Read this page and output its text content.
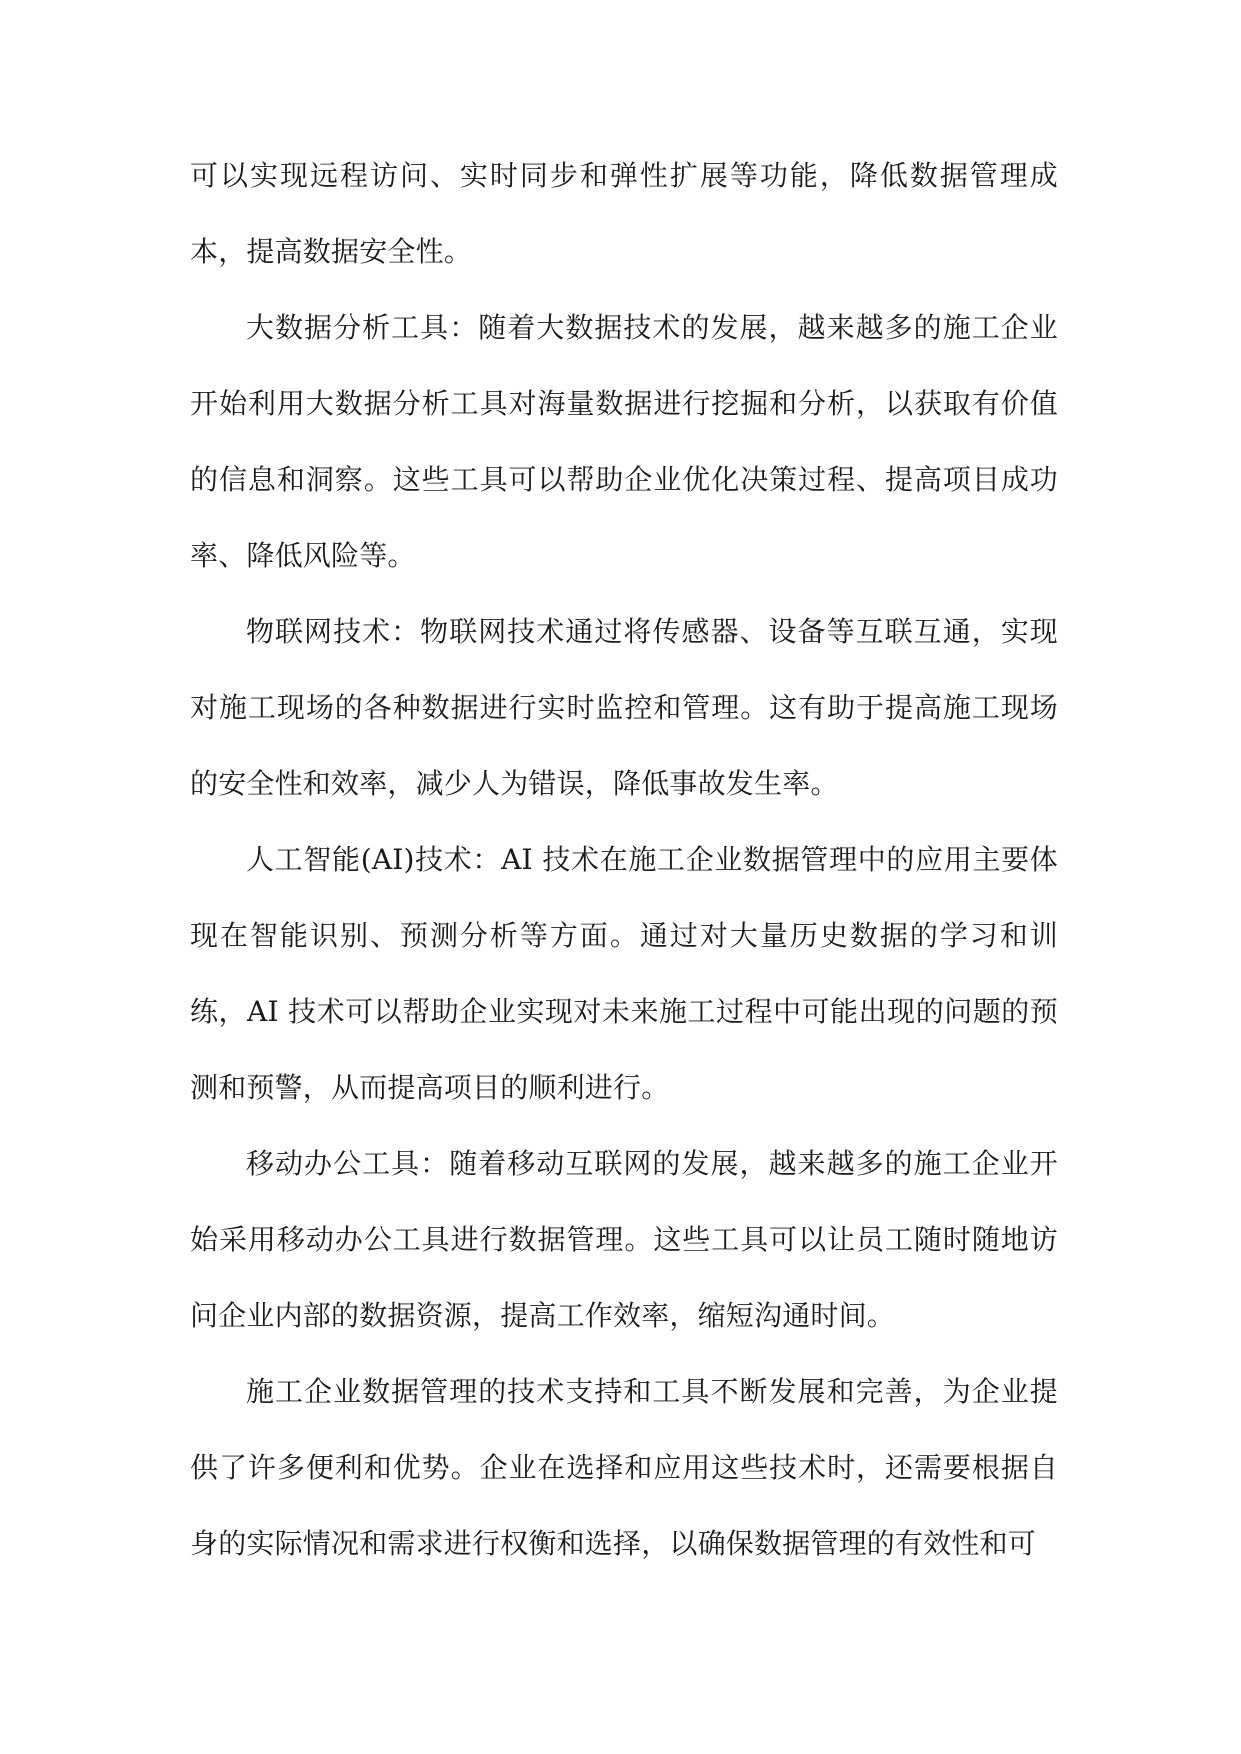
可以实现远程访问、实时同步和弹性扩展等功能，降低数据管理成本，提高数据安全性。

大数据分析工具：随着大数据技术的发展，越来越多的施工企业开始利用大数据分析工具对海量数据进行挖掘和分析，以获取有价值的信息和洞察。这些工具可以帮助企业优化决策过程、提高项目成功率、降低风险等。

物联网技术：物联网技术通过将传感器、设备等互联互通，实现对施工现场的各种数据进行实时监控和管理。这有助于提高施工现场的安全性和效率，减少人为错误，降低事故发生率。

人工智能(AI)技术：AI 技术在施工企业数据管理中的应用主要体现在智能识别、预测分析等方面。通过对大量历史数据的学习和训练，AI 技术可以帮助企业实现对未来施工过程中可能出现的问题的预测和预警，从而提高项目的顺利进行。

移动办公工具：随着移动互联网的发展，越来越多的施工企业开始采用移动办公工具进行数据管理。这些工具可以让员工随时随地访问企业内部的数据资源，提高工作效率，缩短沟通时间。

施工企业数据管理的技术支持和工具不断发展和完善，为企业提供了许多便利和优势。企业在选择和应用这些技术时，还需要根据自身的实际情况和需求进行权衡和选择，以确保数据管理的有效性和可
